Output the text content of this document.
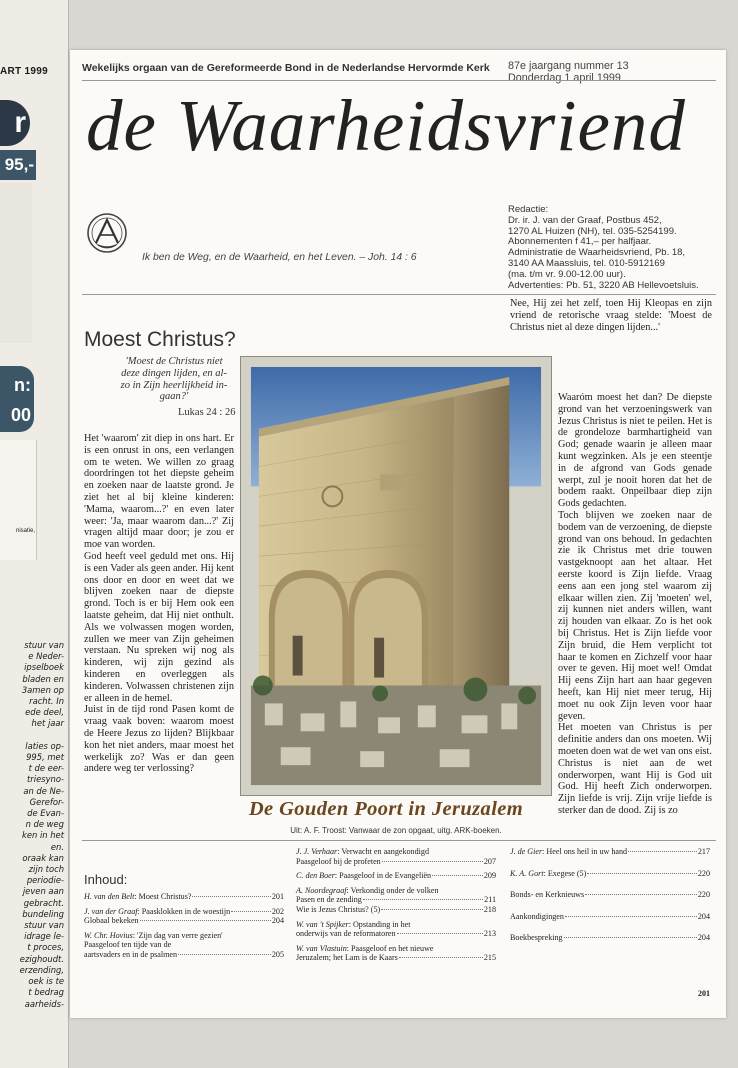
ART 1999
r
95,-
n:
00
nisatie,
stuur van
e Neder-
ipselboek
bladen en
3amen op
racht. In
ede deel,
het jaar

laties op-
995, met
t de eer-
triesyno-
an de Ne-
Gerefor-
de Evan-
n de weg
ken in het
en.
oraak kan
zijn toch
periodie-
jeven aan
gebracht.
bundeling
stuur van
idrage le-
t proces,
ezighoudt.
erzending,
oek is te
t bedrag
aarheids-
Wekelijks orgaan van de Gereformeerde Bond in de Nederlandse Hervormde Kerk 87e jaargang nummer 13
Donderdag 1 april 1999
de Waarheidsvriend
Ik ben de Weg, en de Waarheid, en het Leven. – Joh. 14 : 6
Redactie:
Dr. ir. J. van der Graaf, Postbus 452,
1270 AL Huizen (NH), tel. 035-5254199.
Abonnementen f 41,– per halfjaar.
Administratie de Waarheidsvriend, Pb. 18,
3140 AA Maassluis, tel. 010-5912169
(ma. t/m vr. 9.00-12.00 uur).
Advertenties: Pb. 51, 3220 AB Hellevoetsluis.
Nee, Hij zei het zelf, toen Hij Kleopas en zijn vriend de retorische vraag stelde: 'Moest de Christus niet al deze dingen lijden...'
Moest Christus?
'Moest de Christus niet deze dingen lijden, en al-zo in Zijn heerlijkheid in-gaan?'
Lukas 24 : 26

Het 'waarom' zit diep in ons hart. Er is een onrust in ons, een verlangen om te weten. We willen zo graag doordringen tot het diepste geheim en zoeken naar de laatste grond. Je ziet het al bij kleine kinderen: 'Mama, waarom...?' en even later weer: 'Ja, maar waarom dan...?' Zij vragen altijd maar door; je zou er moe van worden.

God heeft veel geduld met ons. Hij is een Vader als geen ander. Hij kent ons door en door en weet dat we blijven zoeken naar de diepste grond. Toch is er bij Hem ook een laatste geheim, dat Hij niet onthult. Als we volwassen mogen worden, zullen we meer van Zijn geheimen verstaan. Nu spreken wij nog als kinderen, wij zijn gezind als kinderen en overleggen als kinderen. Volwassen christenen zijn er alleen in de hemel.

Juist in de tijd rond Pasen komt de vraag vaak boven: waarom moest de Heere Jezus zo lijden? Blijkbaar kon het niet anders, maar moest het werkelijk zo? Was er dan geen andere weg ter verlossing?

De Gouden Poort in Jeruzalem
Uit: A. F. Troost: Vanwaar de zon opgaat, uitg. ARK-boeken.

Waaróm moest het dan? De diepste grond van het verzoeningswerk van Jezus Christus is niet te peilen. Het is de grondeloze barmhartigheid van God; genade waarin je alleen maar kunt wegzinken. Als je een steentje in de afgrond van Gods genade werpt, zul je nooit horen dat het de bodem raakt. Onpeilbaar diep zijn Gods gedachten.

Toch blijven we zoeken naar de bodem van de verzoening, de diepste grond van ons behoud. In gedachten zie ik Christus met drie touwen vastgeknoopt aan het altaar. Het eerste koord is Zijn liefde. Vraag eens aan een jong stel waarom zij elkaar willen zien. Zij 'moeten' wel, zij kunnen niet anders willen, want zij houden van elkaar. Zo is het ook bij Christus. Het is Zijn liefde voor Zijn bruid, die Hem verplicht tot haar te komen en Zichzelf voor haar over te geven. Hij moet wel! Omdat Hij eens Zijn hart aan haar gegeven heeft, kan Hij niet meer terug, Hij moet nu ook Zijn leven voor haar geven.

Het moeten van Christus is per definitie anders dan ons moeten. Wij moeten doen wat de wet van ons eist. Christus is niet aan de wet onderworpen, want Hij is God uit God. Hij heeft Zich onderworpen. Zijn liefde is vrij. Zijn vrije liefde is sterker dan de dood. Zij is zo

Inhoud:
H. van den Belt: Moest Christus?	201
J. van der Graaf: Paasklokken in de woestijn	202
Globaal bekeken	204
W. Chr. Hovius: 'Zijn dag van verre gezien'
Paasgeloof ten tijde van de
aartsvaders en in de psalmen	205
J. J. Verhaar: Verwacht en aangekondigd
Paasgeloof bij de profeten	207
C. den Boer: Paasgeloof in de Evangeliën	209
A. Noordegraaf: Verkondig onder de volken
Pasen en de zending	211
Wie is Jezus Christus? (5)	218
W. van 't Spijker: Opstanding in het
onderwijs van de reformatoren	213
W. van Vlastuin: Paasgeloof en het nieuwe
Jeruzalem; het Lam is de Kaars	215
J. de Gier: Heel ons heil in uw hand	217
K. A. Gort: Exegese (5)	220
Bonds- en Kerknieuws	220
Aankondigingen	204
Boekbespreking	204
201
